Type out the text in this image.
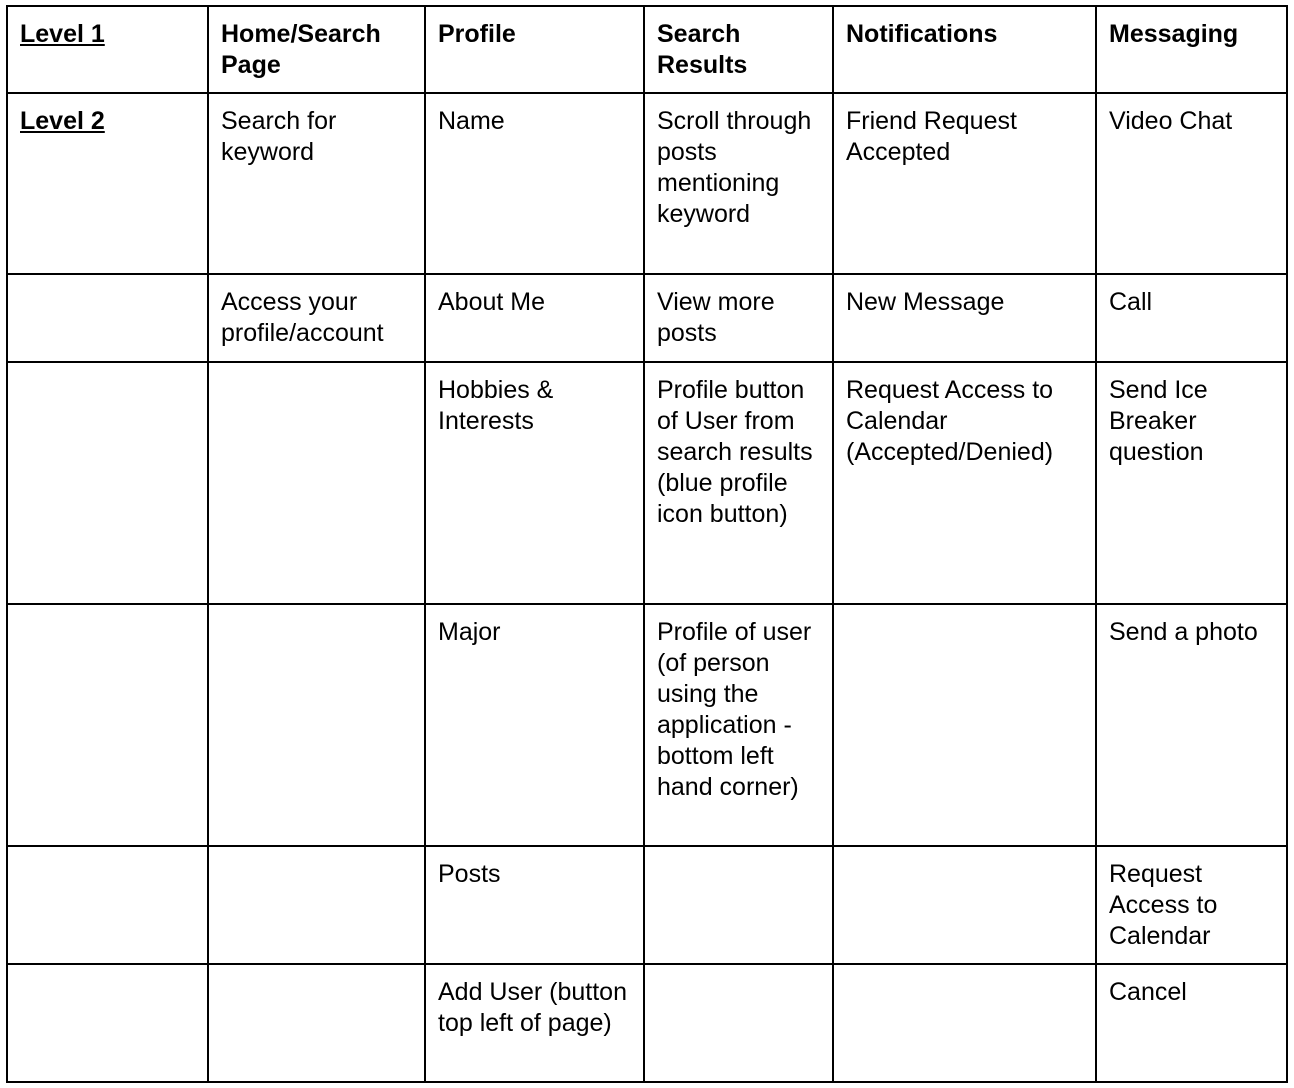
Level 1	Home/Search Page	Profile	Search Results	Notifications	Messaging
Level 2	Search for keyword	Name	Scroll through posts mentioning keyword	Friend Request Accepted	Video Chat
	Access your profile/account	About Me	View more posts	New Message	Call
		Hobbies & Interests	Profile button of User from search results (blue profile icon button)	Request Access to Calendar (Accepted/Denied)	Send Ice Breaker question
		Major	Profile of user (of person using the application - bottom left hand corner)		Send a photo
		Posts			Request Access to Calendar
		Add User (button top left of page)			Cancel
